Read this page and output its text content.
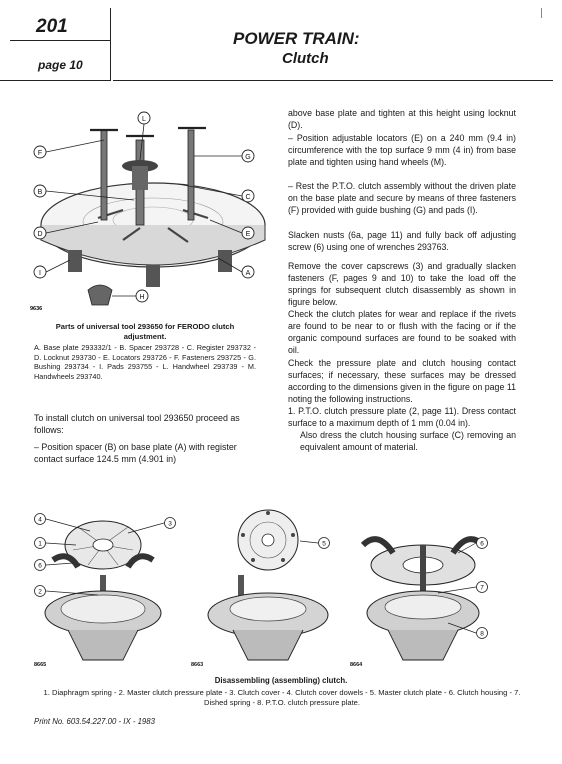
201
page 10
POWER TRAIN:
Clutch
F
B
D
I
L
G
C
E
A
H
9636
Parts of universal tool 293650 for FERODO clutch adjustment.
A. Base plate 293332/1 - B. Spacer 293728 - C. Register 293732 - D. Locknut 293730 - E. Locators 293726 - F. Fasteners 293725 - G. Bushing 293734 - I. Pads 293755 - L. Handwheel 293739 - M. Handwheels 293740.
To install clutch on universal tool 293650 proceed as follows:
– Position spacer (B) on base plate (A) with register contact surface 124.5 mm (4.901 in)
above base plate and tighten at this height using locknut (D).
– Position adjustable locators (E) on a 240 mm (9.4 in) circumference with the top surface 9 mm (4 in) from base plate and tighten using hand wheels (M).
– Rest the P.T.O. clutch assembly without the driven plate on the base plate and secure by means of three fasteners (F) provided with guide bushing (G) and pads (I).
Slacken nusts (6a, page 11) and fully back off adjusting screw (6) using one of wrenches 293763.
Remove the cover capscrews (3) and gradually slacken fasteners (F, pages 9 and 10) to take the load off the springs for subsequent clutch disassembly as shown in figure below.
Check the clutch plates for wear and replace if the rivets are found to be near to or flush with the facing or if the organic compound surfaces are found to be soaked with oil.
Check the pressure plate and clutch housing contact surfaces; if necessary, these surfaces may be dressed according to the dimensions given in the figure on page 11 noting the following instructions.
1. P.T.O. clutch pressure plate (2, page 11). Dress contact surface to a maximum depth of 1 mm (0.04 in).
Also dress the clutch housing surface (C) removing an equivalent amount of material.
4
3
1
6
2
5	6
7
8
8665	8663	8664
Disassembling (assembling) clutch.
1. Diaphragm spring - 2. Master clutch pressure plate - 3. Clutch cover - 4. Clutch cover dowels - 5. Master clutch plate - 6. Clutch housing - 7. Dished spring - 8. P.T.O. clutch pressure plate.
Print No. 603.54.227.00 - IX - 1983
